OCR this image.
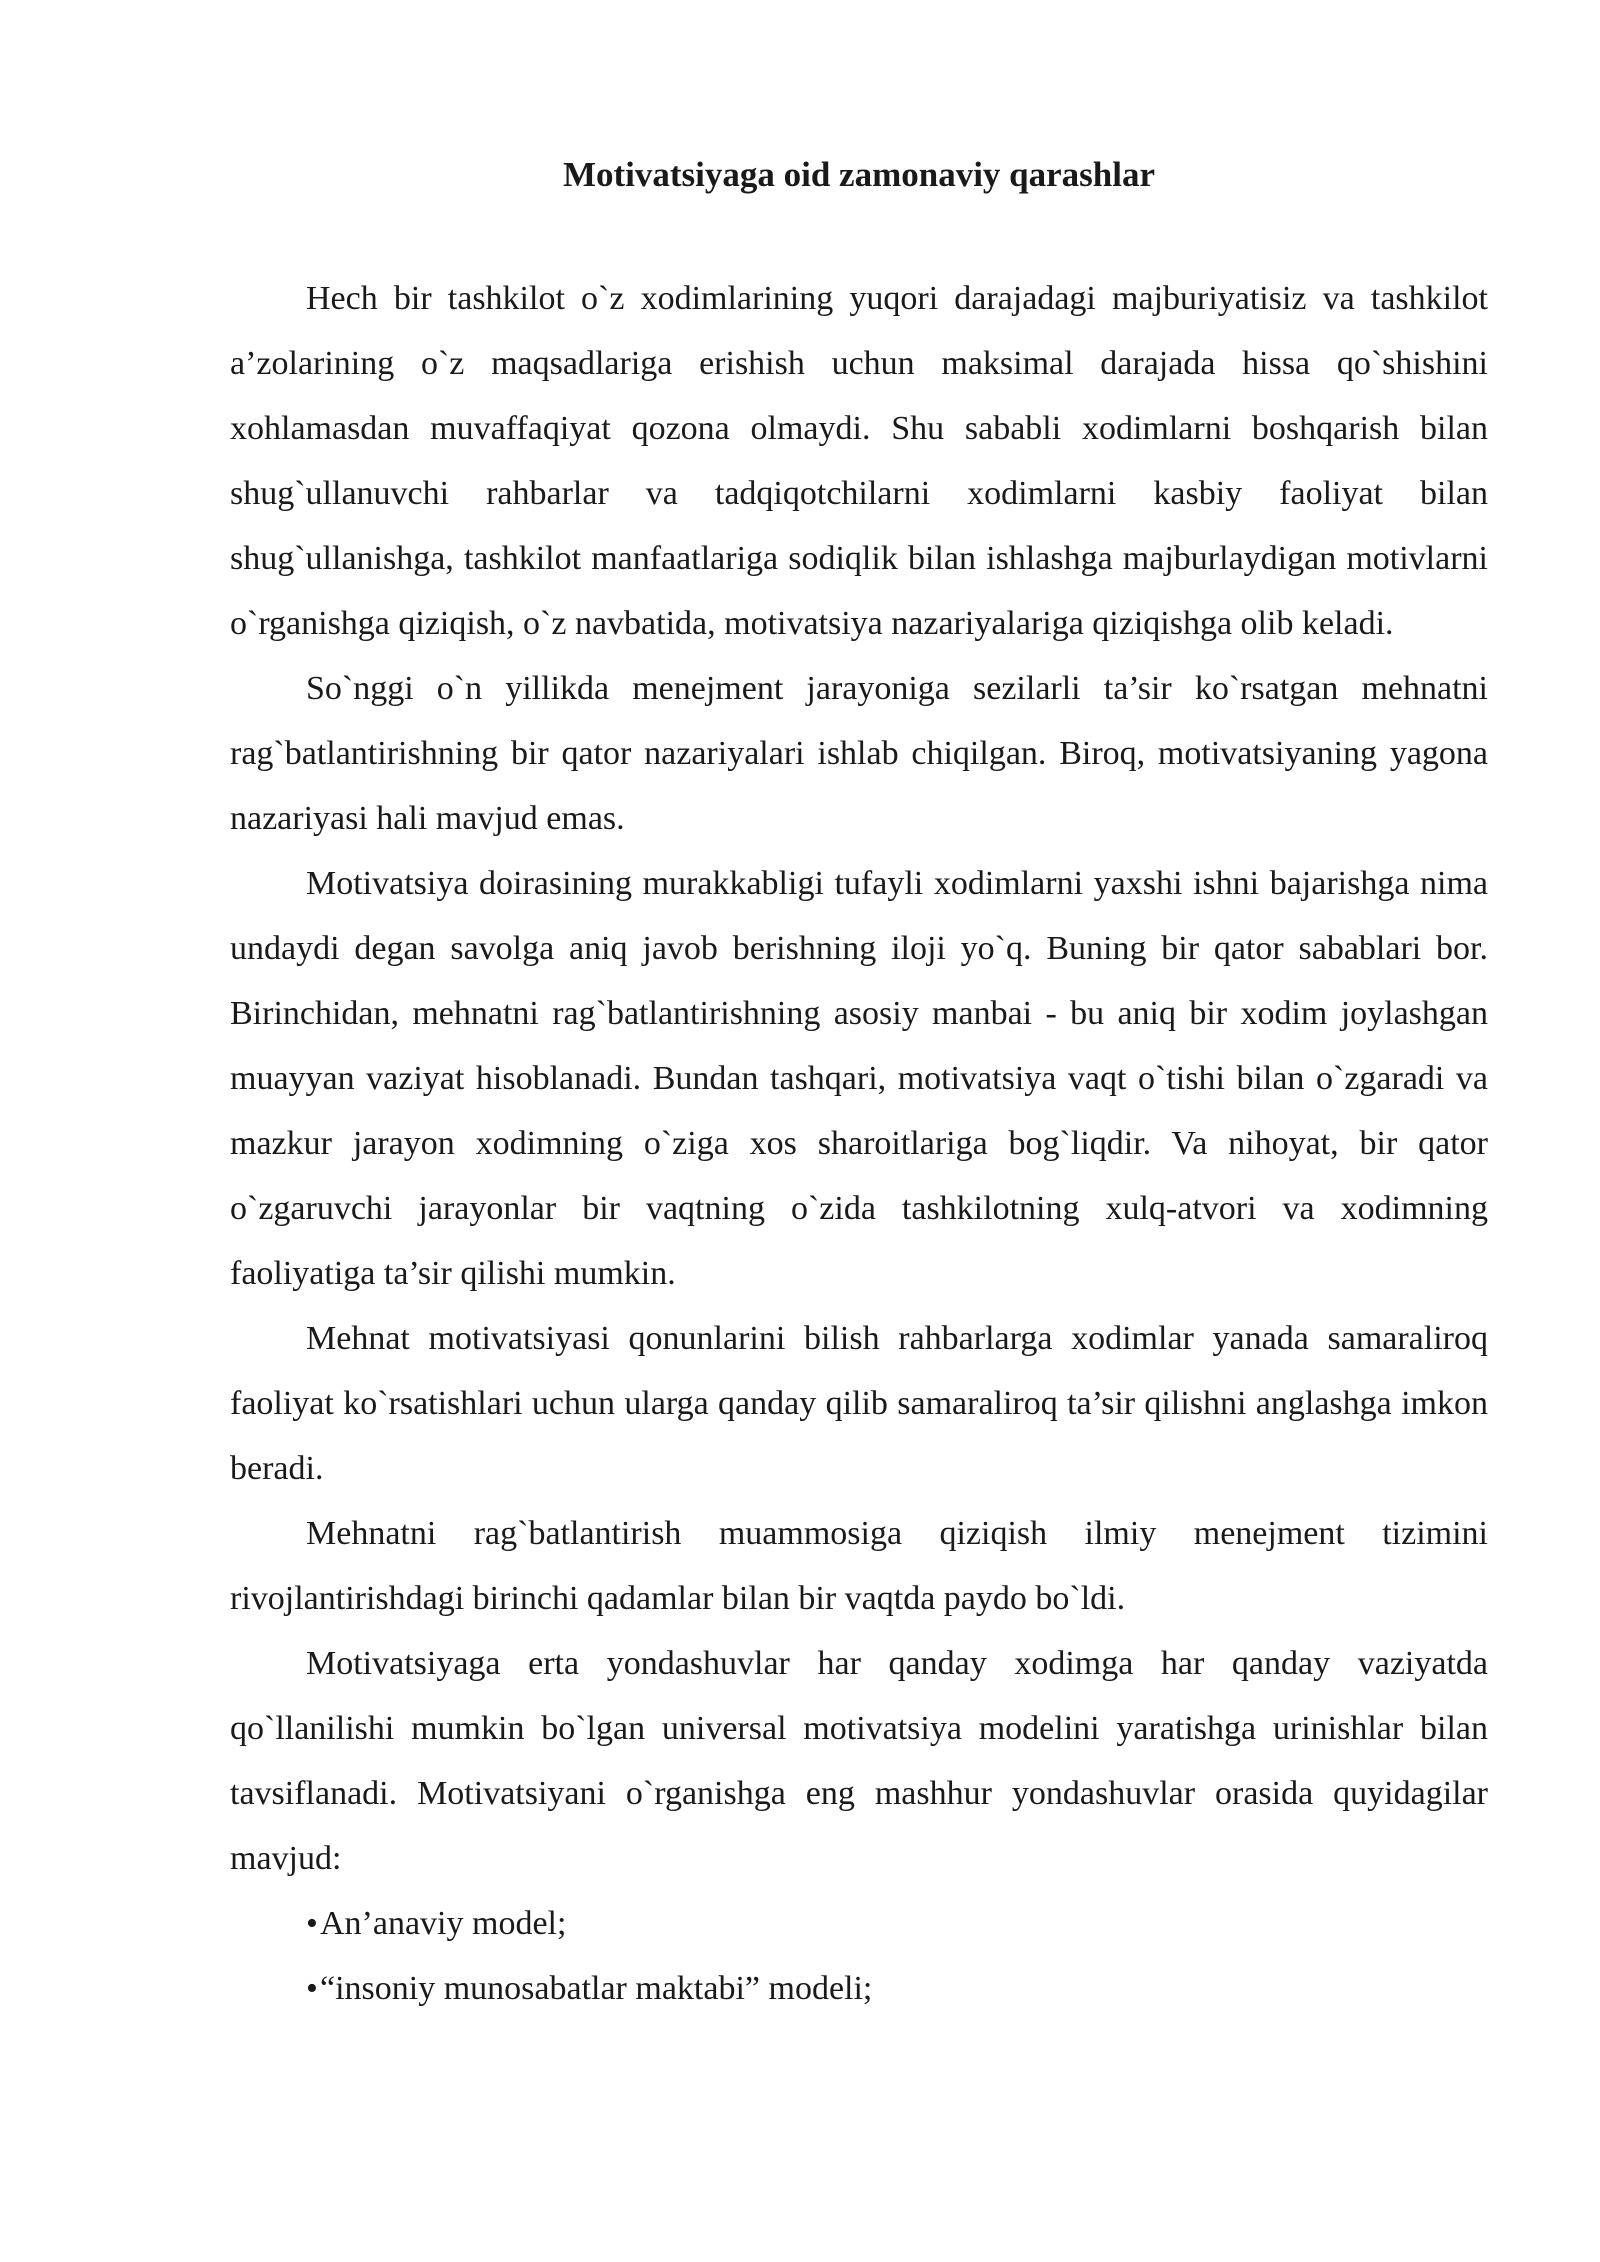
Motivatsiyaga oid zamonaviy qarashlar

Hech bir tashkilot o`z xodimlarining yuqori darajadagi majburiyatisiz va tashkilot a’zolarining o`z maqsadlariga erishish uchun maksimal darajada hissa qo`shishini xohlamasdan muvaffaqiyat qozona olmaydi. Shu sababli xodimlarni boshqarish bilan shug`ullanuvchi rahbarlar va tadqiqotchilarni xodimlarni kasbiy faoliyat bilan shug`ullanishga, tashkilot manfaatlariga sodiqlik bilan ishlashga majburlaydigan motivlarni o`rganishga qiziqish, o`z navbatida, motivatsiya nazariyalariga qiziqishga olib keladi.

So`nggi o`n yillikda menejment jarayoniga sezilarli ta’sir ko`rsatgan mehnatni rag`batlantirishning bir qator nazariyalari ishlab chiqilgan. Biroq, motivatsiyaning yagona nazariyasi hali mavjud emas.

Motivatsiya doirasining murakkabligi tufayli xodimlarni yaxshi ishni bajarishga nima undaydi degan savolga aniq javob berishning iloji yo`q. Buning bir qator sabablari bor. Birinchidan, mehnatni rag`batlantirishning asosiy manbai - bu aniq bir xodim joylashgan muayyan vaziyat hisoblanadi. Bundan tashqari, motivatsiya vaqt o`tishi bilan o`zgaradi va mazkur jarayon xodimning o`ziga xos sharoitlariga bog`liqdir. Va nihoyat, bir qator o`zgaruvchi jarayonlar bir vaqtning o`zida tashkilotning xulq-atvori va xodimning faoliyatiga ta’sir qilishi mumkin.

Mehnat motivatsiyasi qonunlarini bilish rahbarlarga xodimlar yanada samaraliroq faoliyat ko`rsatishlari uchun ularga qanday qilib samaraliroq ta’sir qilishni anglashga imkon beradi.

Mehnatni rag`batlantirish muammosiga qiziqish ilmiy menejment tizimini rivojlantirishdagi birinchi qadamlar bilan bir vaqtda paydo bo`ldi.

Motivatsiyaga erta yondashuvlar har qanday xodimga har qanday vaziyatda qo`llanilishi mumkin bo`lgan universal motivatsiya modelini yaratishga urinishlar bilan tavsiflanadi. Motivatsiyani o`rganishga eng mashhur yondashuvlar orasida quyidagilar mavjud:

•An’anaviy model;
•“insoniy munosabatlar maktabi” modeli;
